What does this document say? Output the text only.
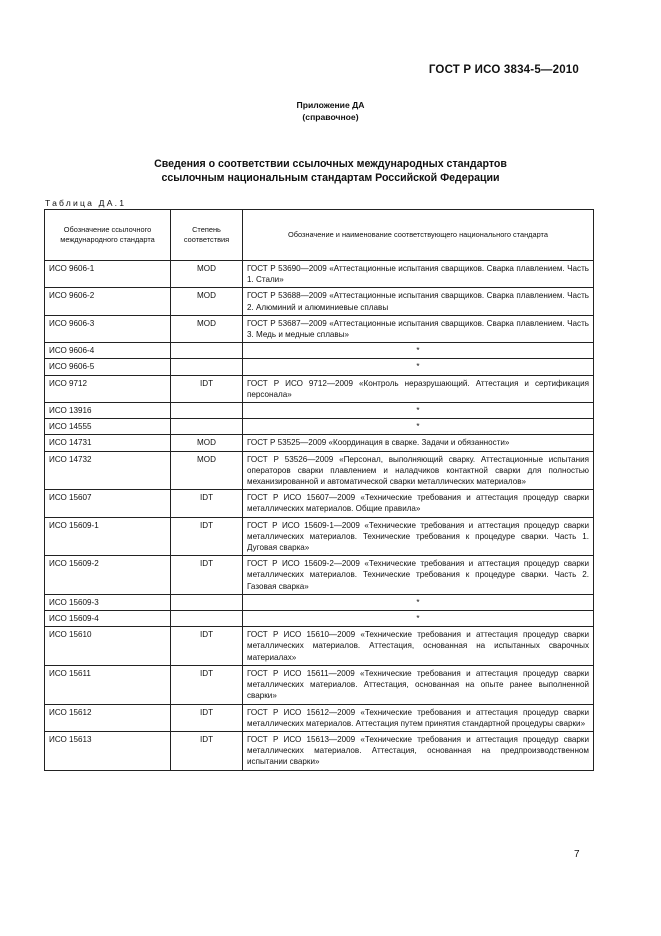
ГОСТ Р ИСО 3834-5—2010
Приложение ДА
(справочное)
Сведения о соответствии ссылочных международных стандартов
ссылочным национальным стандартам Российской Федерации
Таблица ДА.1
Обозначение ссылочного международного стандарта	Степень соответствия	Обозначение и наименование соответствующего национального стандарта
ИСО 9606-1	MOD	ГОСТ Р 53690—2009 «Аттестационные испытания сварщиков. Сварка плавлением. Часть 1. Стали»
ИСО 9606-2	MOD	ГОСТ Р 53688—2009 «Аттестационные испытания сварщиков. Сварка плавлением. Часть 2. Алюминий и алюминиевые сплавы
ИСО 9606-3	MOD	ГОСТ Р 53687—2009 «Аттестационные испытания сварщиков. Сварка плавлением. Часть 3. Медь и медные сплавы»
ИСО 9606-4		*
ИСО 9606-5		*
ИСО 9712	IDT	ГОСТ Р ИСО 9712—2009 «Контроль неразрушающий. Аттестация и сертификация персонала»
ИСО 13916		*
ИСО 14555		*
ИСО 14731	MOD	ГОСТ Р 53525—2009 «Координация в сварке. Задачи и обязанности»
ИСО 14732	MOD	ГОСТ Р 53526—2009 «Персонал, выполняющий сварку. Аттестационные испытания операторов сварки плавлением и наладчиков контактной сварки для полностью механизированной и автоматической сварки металлических материалов»
ИСО 15607	IDT	ГОСТ Р ИСО 15607—2009 «Технические требования и аттестация процедур сварки металлических материалов. Общие правила»
ИСО 15609-1	IDT	ГОСТ Р ИСО 15609-1—2009 «Технические требования и аттестация процедур сварки металлических материалов. Технические требования к процедуре сварки. Часть 1. Дуговая сварка»
ИСО 15609-2	IDT	ГОСТ Р ИСО 15609-2—2009 «Технические требования и аттестация процедур сварки металлических материалов. Технические требования к процедуре сварки. Часть 2. Газовая сварка»
ИСО 15609-3		*
ИСО 15609-4		*
ИСО 15610	IDT	ГОСТ Р ИСО 15610—2009 «Технические требования и аттестация процедур сварки металлических материалов. Аттестация, основанная на испытанных сварочных материалах»
ИСО 15611	IDT	ГОСТ Р ИСО 15611—2009 «Технические требования и аттестация процедур сварки металлических материалов. Аттестация, основанная на опыте ранее выполненной сварки»
ИСО 15612	IDT	ГОСТ Р ИСО 15612—2009 «Технические требования и аттестация процедур сварки металлических материалов. Аттестация путем принятия стандартной процедуры сварки»
ИСО 15613	IDT	ГОСТ Р ИСО 15613—2009 «Технические требования и аттестация процедур сварки металлических материалов. Аттестация, основанная на предпроизводственном испытании сварки»
7
